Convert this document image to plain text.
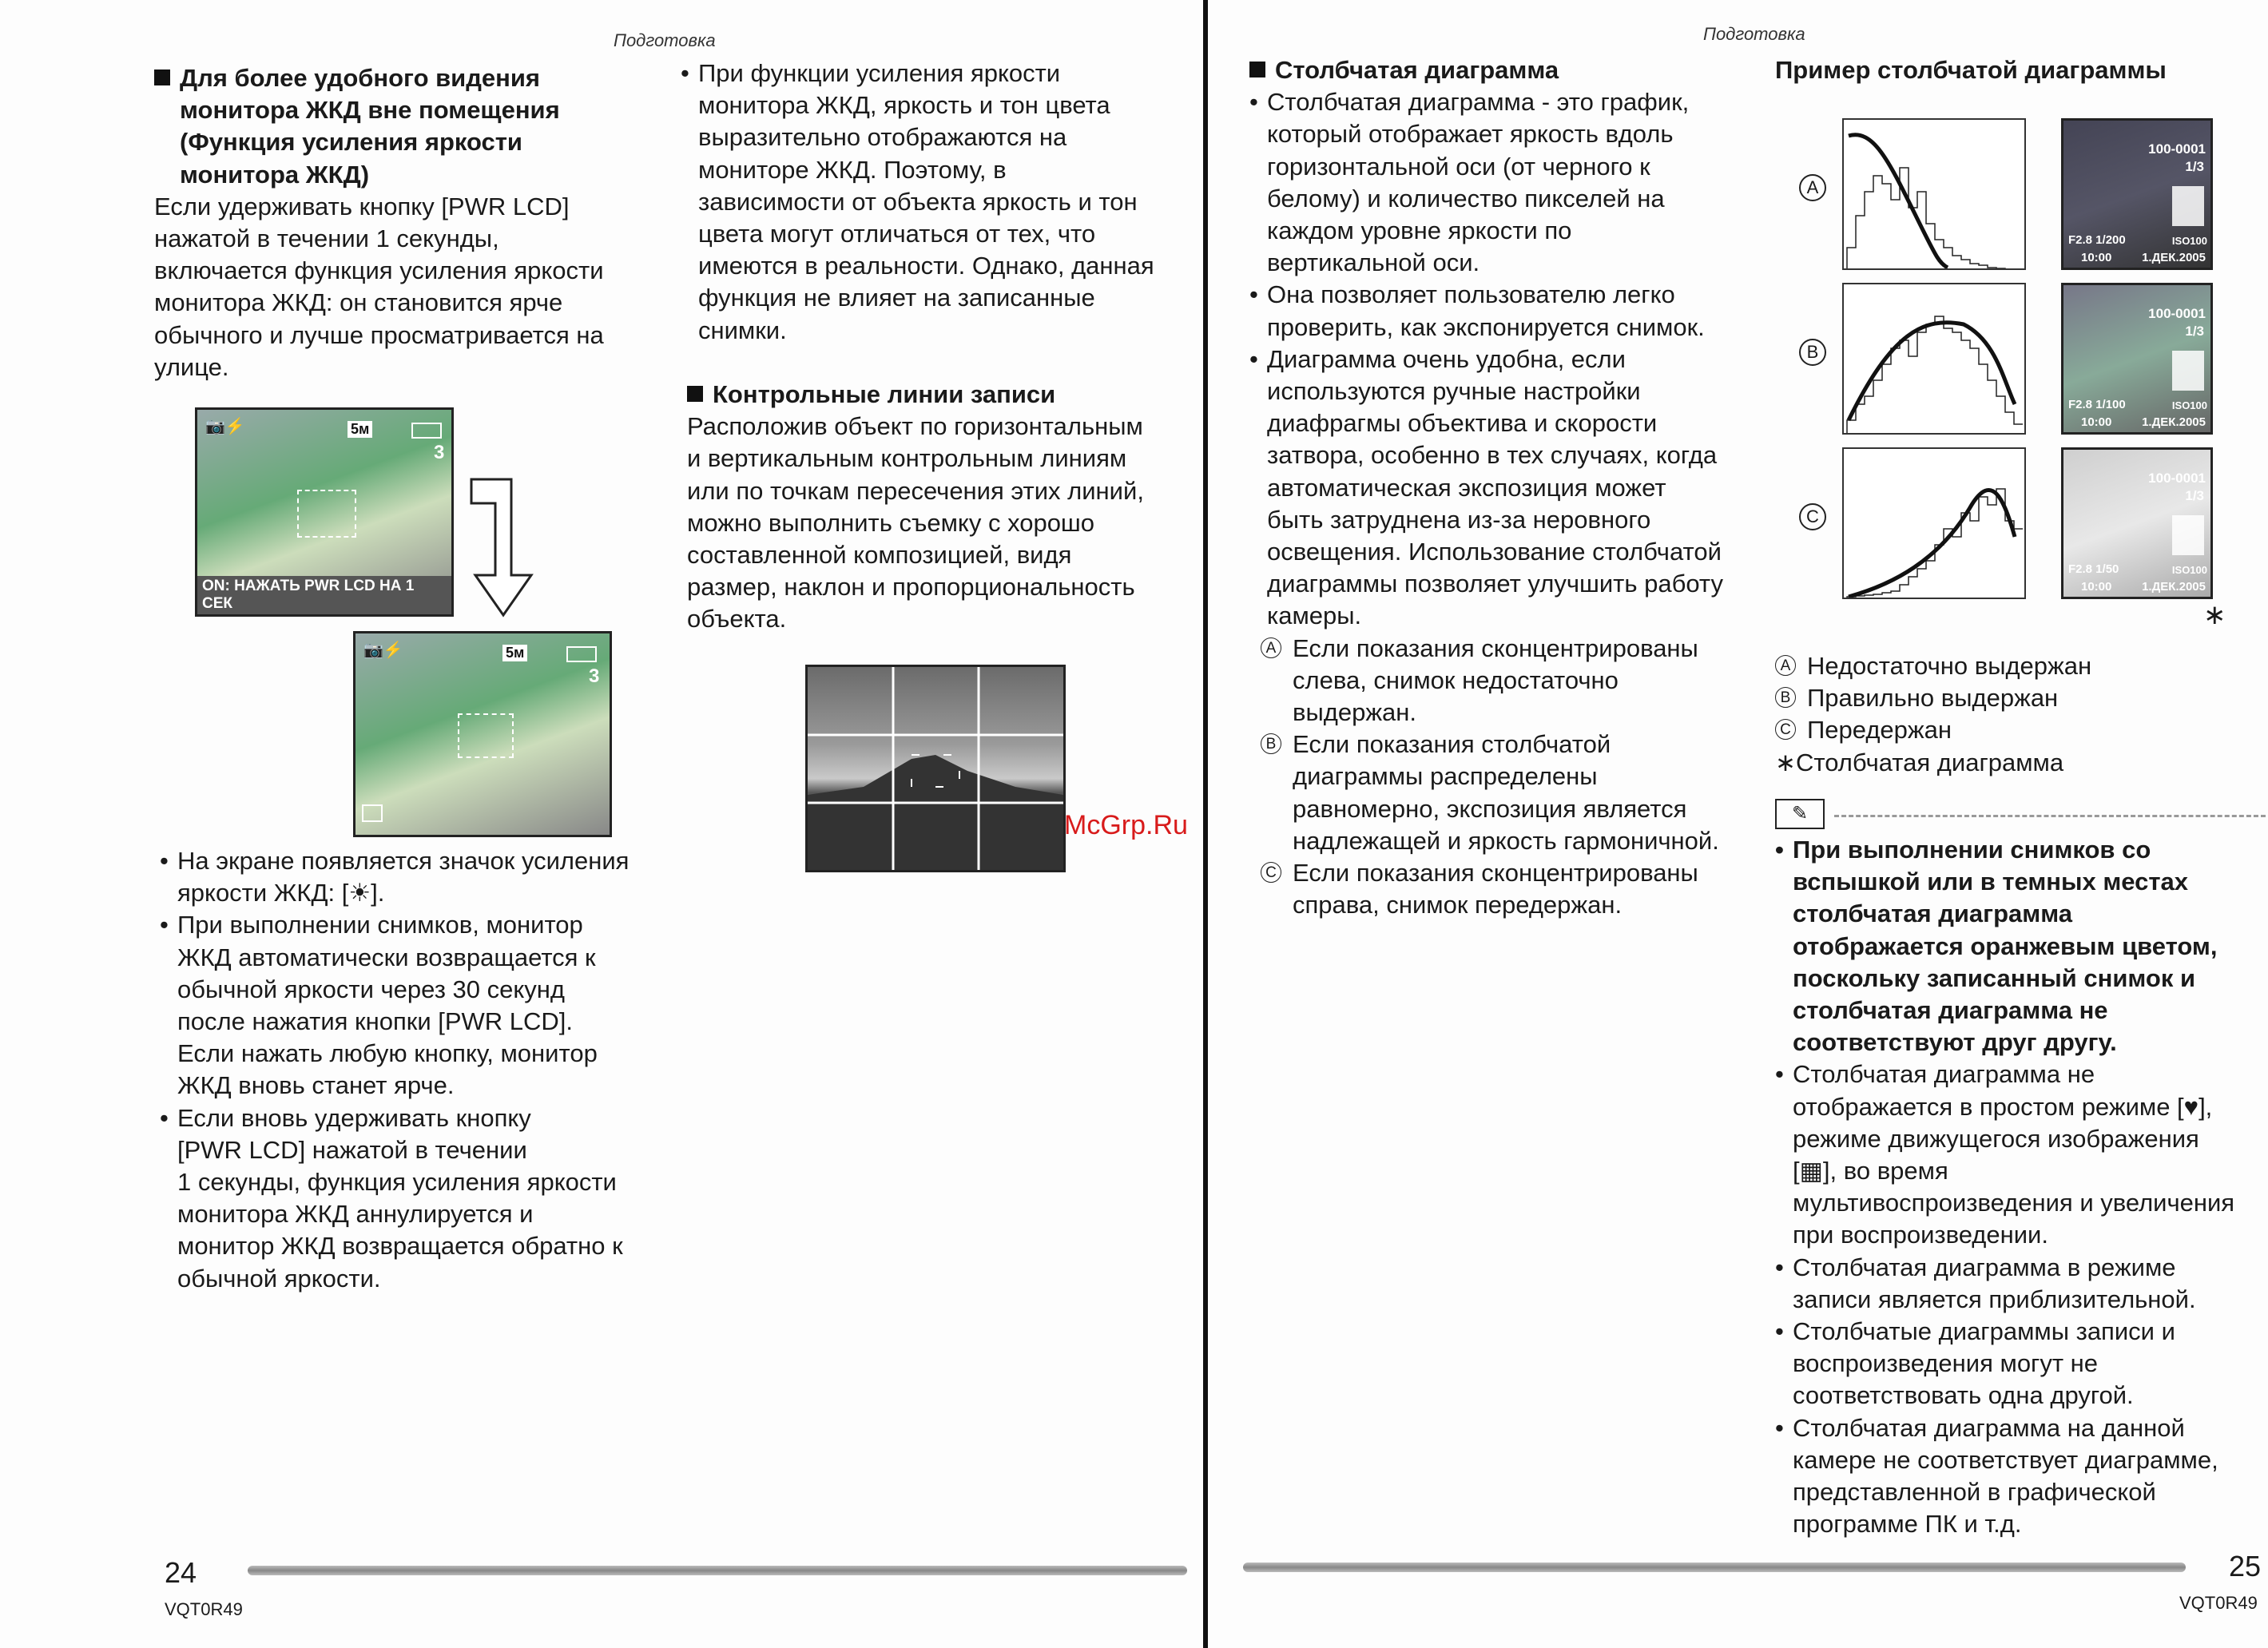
Подготовка
Для более удобного видения
монитора ЖКД вне помещения
(Функция усиления яркости
монитора ЖКД)
Если удерживать кнопку [PWR LCD]
нажатой в течении 1 секунды,
включается функция усиления яркости
монитора ЖКД: он становится ярче
обычного и лучше просматривается на
улице.
📷⚡	5м
3
ON: НАЖАТЬ PWR LCD НА 1 СЕК
📷⚡	5м
3
• На экране появляется значок усиления
яркости ЖКД: [☀].
• При выполнении снимков, монитор
ЖКД автоматически возвращается к
обычной яркости через 30 секунд
после нажатия кнопки [PWR LCD].
Если нажать любую кнопку, монитор
ЖКД вновь станет ярче.
• Если вновь удерживать кнопку
[PWR LCD] нажатой в течении
1 секунды, функция усиления яркости
монитора ЖКД аннулируется и
монитор ЖКД возвращается обратно к
обычной яркости.
• При функции усиления яркости
монитора ЖКД, яркость и тон цвета
выразительно отображаются на
мониторе ЖКД. Поэтому, в
зависимости от объекта яркость и тон
цвета могут отличаться от тех, что
имеются в реальности. Однако, данная
функция не влияет на записанные
снимки.
Контрольные линии записи
Расположив объект по горизонтальным
и вертикальным контрольным линиям
или по точкам пересечения этих линий,
можно выполнить съемку с хорошо
составленной композицией, видя
размер, наклон и пропорциональность
объекта.
24
VQT0R49
McGrp.Ru
Подготовка
Столбчатая диаграмма
• Столбчатая диаграмма - это график,
который отображает яркость вдоль
горизонтальной оси (от черного к
белому) и количество пикселей на
каждом уровне яркости по
вертикальной оси.
• Она позволяет пользователю легко
проверить, как экспонируется снимок.
• Диаграмма очень удобна, если
используются ручные настройки
диафрагмы объектива и скорости
затвора, особенно в тех случаях, когда
автоматическая экспозиция может
быть затруднена из-за неровного
освещения. Использование столбчатой
диаграммы позволяет улучшить работу
камеры.
A Если показания сконцентрированы
слева, снимок недостаточно
выдержан.
B Если показания столбчатой
диаграммы распределены
равномерно, экспозиция является
надлежащей и яркость гармоничной.
C Если показания сконцентрированы
справа, снимок передержан.
Пример столбчатой диаграммы
A
100-0001
1/3
F2.8 1/200	ISO100
10:00	1.ДЕК.2005
B
100-0001
1/3
F2.8 1/100	ISO100
10:00	1.ДЕК.2005
C
100-0001
1/3
F2.8 1/50	ISO100
10:00	1.ДЕК.2005
∗
A Недостаточно выдержан
B Правильно выдержан
C Передержан
∗Столбчатая диаграмма
✎
• При выполнении снимков со
вспышкой или в темных местах
столбчатая диаграмма
отображается оранжевым цветом,
поскольку записанный снимок и
столбчатая диаграмма не
соответствуют друг другу.
• Столбчатая диаграмма не
отображается в простом режиме [♥],
режиме движущегося изображения
[▦], во время
мультивоспроизведения и увеличения
при воспроизведении.
• Столбчатая диаграмма в режиме
записи является приблизительной.
• Столбчатые диаграммы записи и
воспроизведения могут не
соответствовать одна другой.
• Столбчатая диаграмма на данной
камере не соответствует диаграмме,
представленной в графической
программе ПК и т.д.
25
VQT0R49
